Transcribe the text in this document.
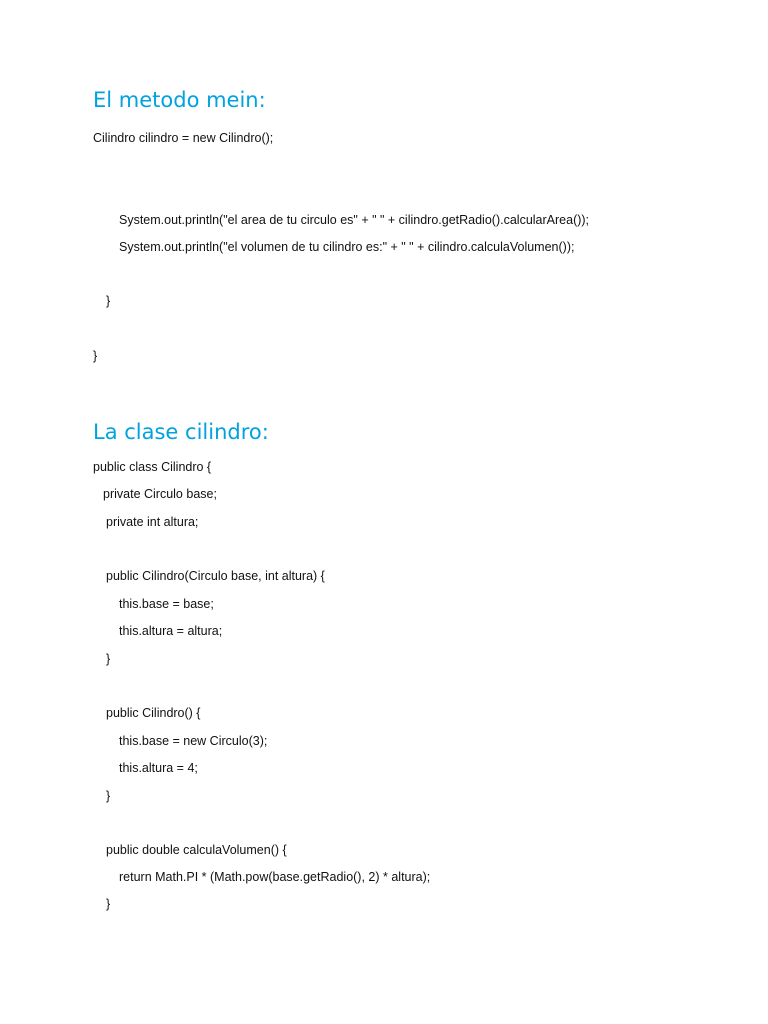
El metodo mein:

Cilindro cilindro = new Cilindro();

System.out.println("el area de tu circulo es" + " " + cilindro.getRadio().calcularArea());

System.out.println("el volumen de tu cilindro es:" + " " + cilindro.calculaVolumen());

}

}

La clase cilindro:

public class Cilindro {

private Circulo base;

private int altura;

public Cilindro(Circulo base, int altura) {

this.base = base;

this.altura = altura;

}

public Cilindro() {

this.base = new Circulo(3);

this.altura = 4;

}

public double calculaVolumen() {

return Math.PI * (Math.pow(base.getRadio(), 2) * altura);

}
